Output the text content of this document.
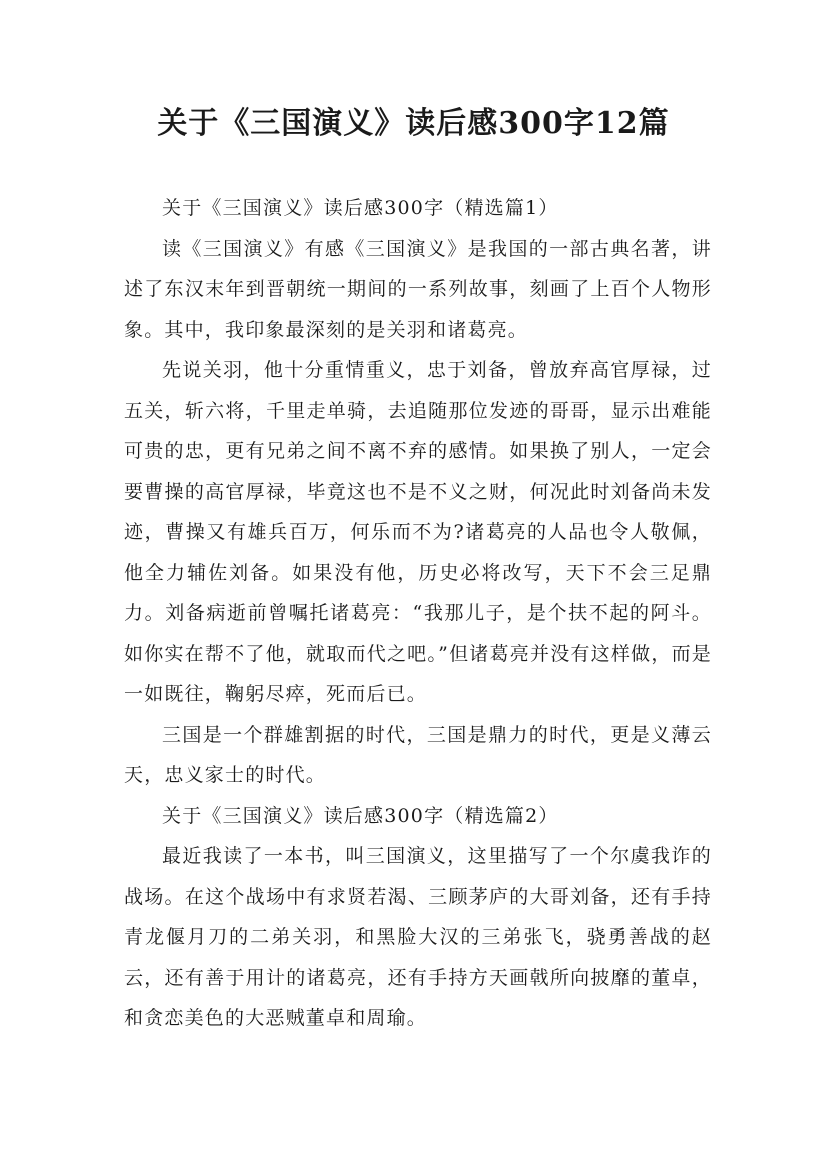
关于《三国演义》读后感300字12篇

关于《三国演义》读后感300字（精选篇1）

读《三国演义》有感《三国演义》是我国的一部古典名著，讲述了东汉末年到晋朝统一期间的一系列故事，刻画了上百个人物形象。其中，我印象最深刻的是关羽和诸葛亮。

先说关羽，他十分重情重义，忠于刘备，曾放弃高官厚禄，过五关，斩六将，千里走单骑，去追随那位发迹的哥哥，显示出难能可贵的忠，更有兄弟之间不离不弃的感情。如果换了别人，一定会要曹操的高官厚禄，毕竟这也不是不义之财，何况此时刘备尚未发迹，曹操又有雄兵百万，何乐而不为?诸葛亮的人品也令人敬佩，他全力辅佐刘备。如果没有他，历史必将改写，天下不会三足鼎力。刘备病逝前曾嘱托诸葛亮：“我那儿子，是个扶不起的阿斗。如你实在帮不了他，就取而代之吧。”但诸葛亮并没有这样做，而是一如既往，鞠躬尽瘁，死而后已。

三国是一个群雄割据的时代，三国是鼎力的时代，更是义薄云天，忠义家士的时代。

关于《三国演义》读后感300字（精选篇2）

最近我读了一本书，叫三国演义，这里描写了一个尔虞我诈的战场。在这个战场中有求贤若渴、三顾茅庐的大哥刘备，还有手持青龙偃月刀的二弟关羽，和黑脸大汉的三弟张飞，骁勇善战的赵云，还有善于用计的诸葛亮，还有手持方天画戟所向披靡的董卓，和贪恋美色的大恶贼董卓和周瑜。
